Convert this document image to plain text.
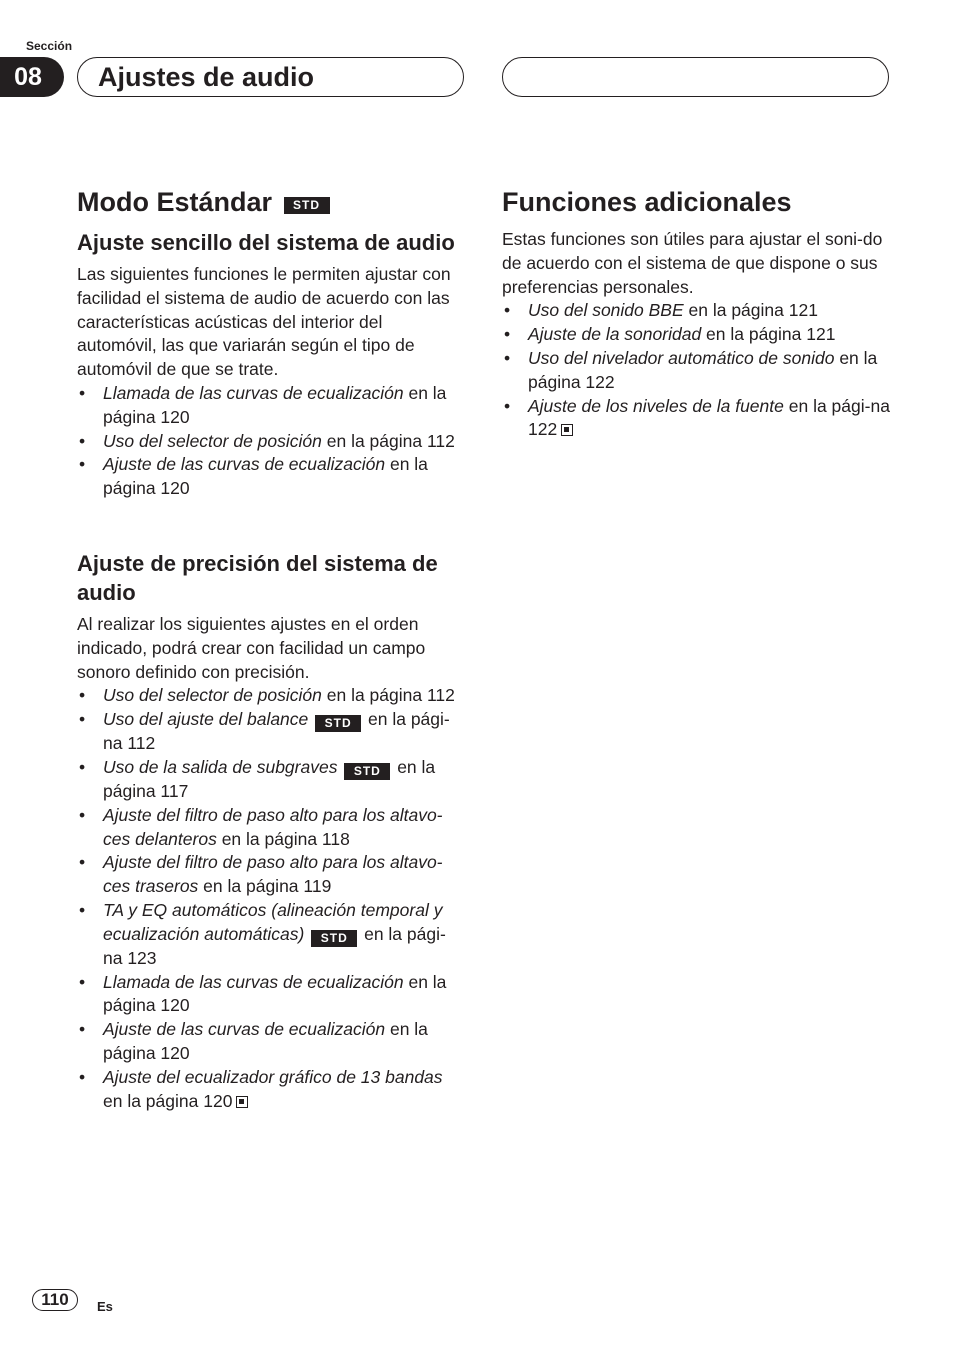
Sección
08	Ajustes de audio
Modo Estándar STD
Ajuste sencillo del sistema de audio

Las siguientes funciones le permiten ajustar con facilidad el sistema de audio de acuerdo con las características acústicas del interior del automóvil, las que variarán según el tipo de automóvil de que se trate.

• Llamada de las curvas de ecualización en la página 120
• Uso del selector de posición en la página 112
• Ajuste de las curvas de ecualización en la página 120
Ajuste de precisión del sistema de audio

Al realizar los siguientes ajustes en el orden indicado, podrá crear con facilidad un campo sonoro definido con precisión.

• Uso del selector de posición en la página 112
• Uso del ajuste del balance STD en la pági-na 112
• Uso de la salida de subgraves STD en la página 117
• Ajuste del filtro de paso alto para los altavo-ces delanteros en la página 118
• Ajuste del filtro de paso alto para los altavo-ces traseros en la página 119
• TA y EQ automáticos (alineación temporal y ecualización automáticas) STD en la pági-na 123
• Llamada de las curvas de ecualización en la página 120
• Ajuste de las curvas de ecualización en la página 120
• Ajuste del ecualizador gráfico de 13 bandas en la página 120
Funciones adicionales

Estas funciones son útiles para ajustar el soni-do de acuerdo con el sistema de que dispone o sus preferencias personales.

• Uso del sonido BBE en la página 121
• Ajuste de la sonoridad en la página 121
• Uso del nivelador automático de sonido en la página 122
• Ajuste de los niveles de la fuente en la pági-na 122
110	Es
